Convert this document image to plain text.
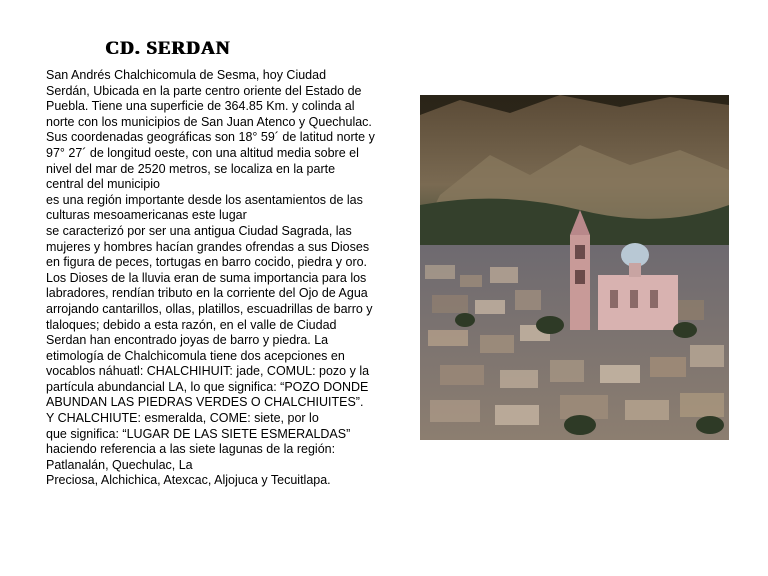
CD. SERDAN
San Andrés Chalchicomula de Sesma, hoy Ciudad
Serdán, Ubicada en la parte centro oriente del Estado de
Puebla. Tiene una superficie de 364.85 Km. y colinda al
norte con los municipios de San Juan Atenco y Quechulac.
Sus coordenadas geográficas son 18° 59´ de latitud norte y
97° 27´ de longitud oeste, con una altitud media sobre el
nivel del mar de 2520 metros, se localiza en la parte
central del municipio
es una región importante desde los asentamientos de las
culturas mesoamericanas este lugar
se caracterizó por ser una antigua Ciudad Sagrada, las
mujeres y hombres hacían grandes ofrendas a sus Dioses
en figura de peces, tortugas en barro cocido, piedra y oro.
Los Dioses de la lluvia eran de suma importancia para los
labradores, rendían tributo en la corriente del Ojo de Agua
arrojando cantarillos, ollas, platillos, escuadrillas de barro y
tlaloques; debido a esta razón, en el valle de Ciudad
Serdan han encontrado joyas de barro y piedra. La
etimología de Chalchicomula tiene dos acepciones en
vocablos náhuatl: CHALCHIHUIT: jade, COMUL: pozo y la
partícula abundancial LA, lo que significa: “POZO DONDE
ABUNDAN LAS PIEDRAS VERDES O CHALCHIUITES”.
Y CHALCHIUTE: esmeralda, COME: siete, por lo
que significa: “LUGAR DE LAS SIETE ESMERALDAS”
haciendo referencia a las siete lagunas de la región:
Patlanalán, Quechulac, La
Preciosa, Alchichica, Atexcac, Aljojuca y Tecuitlapa.
